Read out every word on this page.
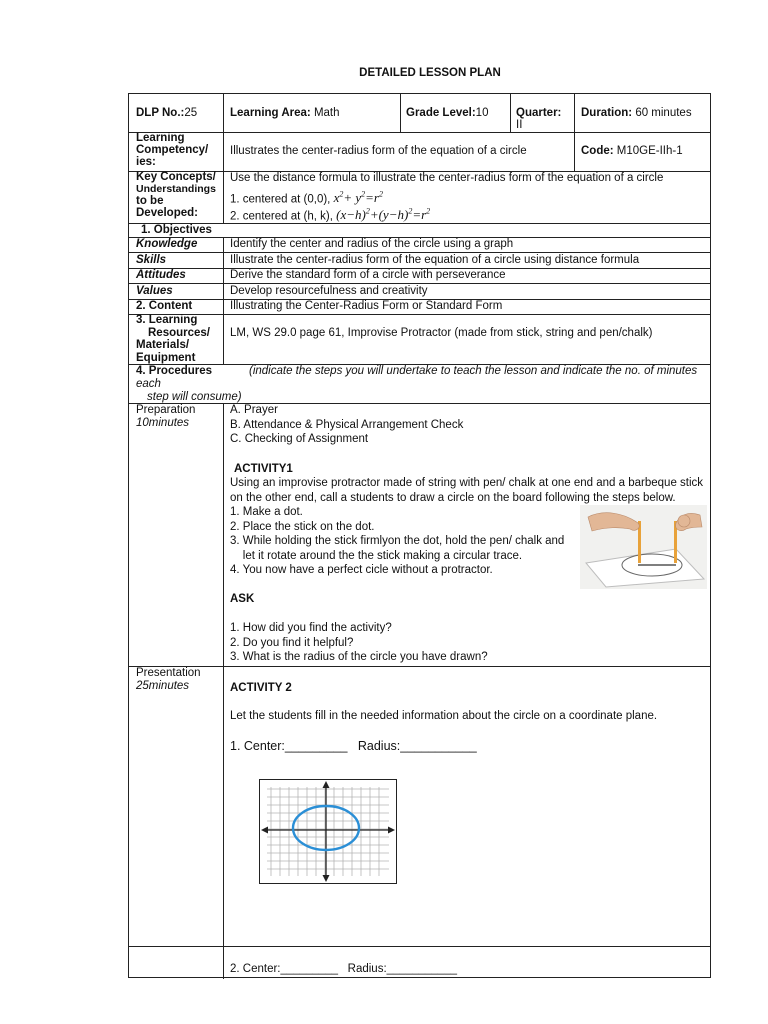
DETAILED LESSON PLAN
DLP No.:25	Learning Area: Math	Grade Level:10 Quarter:
II
Duration: 60 minutes
Learning
Competency/
ies:
Illustrates the center-radius form of the equation of a circle	Code: M10GE-IIh-1
Key Concepts/
Understandings
to be
Developed:
Use the distance formula to illustrate the center-radius form of the equation of a circle
1. centered at (0,0), $x^2+ y^2=r^2$
2. centered at (h, k), $(x-h)^2+(y-h)^2=r^2$
1. Objectives
Knowledge	Identify the center and radius of the circle using a graph
Skills	Illustrate the center-radius form of the equation of a circle using distance formula
Attitudes	Derive the standard form of a circle with perseverance
Values	Develop resourcefulness and creativity
2. Content	Illustrating the Center-Radius Form or Standard Form
3. Learning
Resources/
Materials/
Equipment
LM, WS 29.0 page 61, Improvise Protractor (made from stick, string and pen/chalk)
4. Procedures	(indicate the steps you will undertake to teach the lesson and indicate the no. of minutes
each
step will consume)
Preparation
10minutes
A. Prayer
B. Attendance & Physical Arrangement Check
C. Checking of Assignment
ACTIVITY1
Using an improvise protractor made of string with pen/ chalk at one end and a barbeque stick
on the other end, call a students to draw a circle on the board following the steps below.
1. Make a dot.
2. Place the stick on the dot.
3. While holding the stick firmlyon the dot, hold the pen/ chalk and
let it rotate around the the stick making a circular trace.
4. You now have a perfect cicle without a protractor.
ASK
1. How did you find the activity?
2. Do you find it helpful?
3. What is the radius of the circle you have drawn?
Presentation
25minutes	ACTIVITY 2
Let the students fill in the needed information about the circle on a coordinate plane.
1. Center:_________   Radius:___________
2. Center:_________   Radius:___________
